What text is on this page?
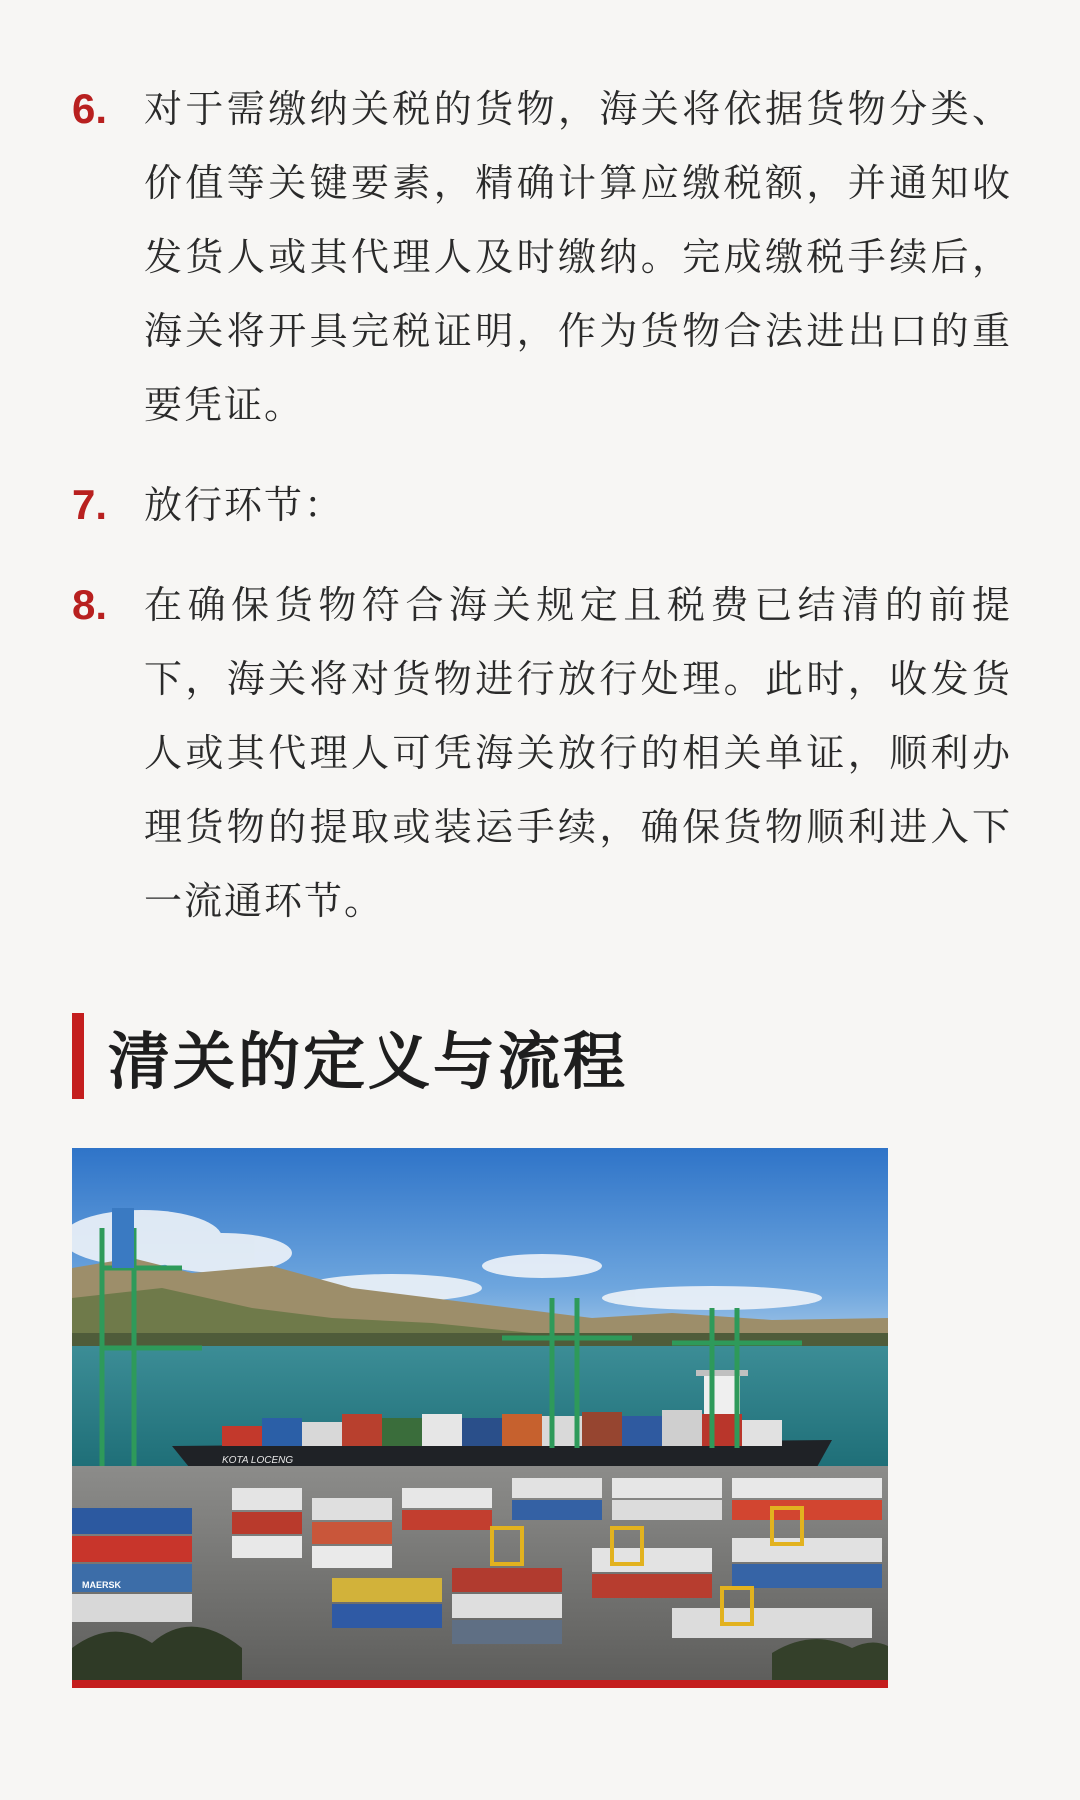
6. 对于需缴纳关税的货物，海关将依据货物分类、价值等关键要素，精确计算应缴税额，并通知收发货人或其代理人及时缴纳。完成缴税手续后，海关将开具完税证明，作为货物合法进出口的重要凭证。
7. 放行环节：
8. 在确保货物符合海关规定且税费已结清的前提下，海关将对货物进行放行处理。此时，收发货人或其代理人可凭海关放行的相关单证，顺利办理货物的提取或装运手续，确保货物顺利进入下一流通环节。
清关的定义与流程
KOTA LOCENG
MAERSK
